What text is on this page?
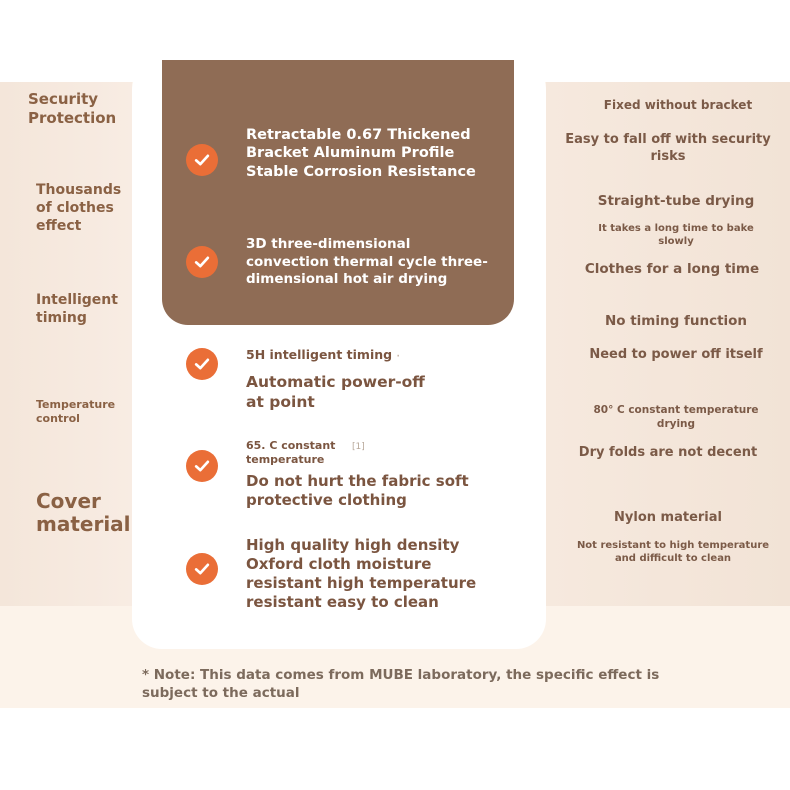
Security
Protection
Thousands
of clothes
effect
Intelligent
timing
Temperature
control
Cover
material
Retractable 0.67 Thickened
Bracket Aluminum Profile
Stable Corrosion Resistance
3D three-dimensional
convection thermal cycle three-
dimensional hot air drying
5H intelligent timing ·
Automatic power-off
at point
65. C constant
temperature
[1]
Do not hurt the fabric soft
protective clothing
High quality high density
Oxford cloth moisture
resistant high temperature
resistant easy to clean
Fixed without bracket
Easy to fall off with security risks
Straight-tube drying
It takes a long time to bake
slowly
Clothes for a long time
No timing function
Need to power off itself
80° C constant temperature
drying
Dry folds are not decent
Nylon material
Not resistant to high temperature
and difficult to clean
* Note: This data comes from MUBE laboratory, the specific effect is subject to the actual
